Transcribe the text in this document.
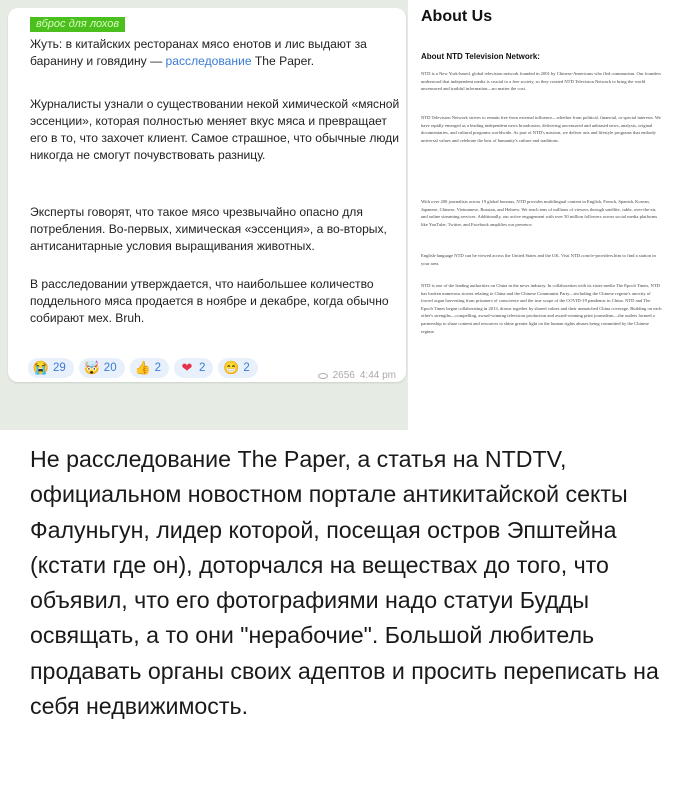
вброс для лохов
Жуть: в китайских ресторанах мясо енотов и лис выдают за баранину и говядину — расследование The Paper.
Журналисты узнали о существовании некой химической «мясной эссенции», которая полностью меняет вкус мяса и превращает его в то, что захочет клиент. Самое страшное, что обычные люди никогда не смогут почувствовать разницу.
Эксперты говорят, что такое мясо чрезвычайно опасно для потребления. Во-первых, химическая «эссенция», а во-вторых, антисанитарные условия выращивания животных.
В расследовании утверждается, что наибольшее количество поддельного мяса продается в ноябре и декабре, когда обычно собирают мех. Bruh.
😭 29 🤯 20 👍 2 ❤ 2 😁 2
2656 4:44 pm
About Us
About NTD Television Network:
NTD is a New York-based, global television network founded in 2001 by Chinese-Americans who fled communism. Our founders understood that independent media is crucial to a free society, so they created NTD Television Network to bring the world uncensored and truthful information—no matter the cost.
NTD Television Network strives to remain free from external influence—whether from political, financial, or special interests. We have rapidly emerged as a leading independent news broadcaster, delivering uncensored and unbiased news, analysis, original documentaries, and cultural programs worldwide. As part of NTD's mission, we deliver arts and lifestyle programs that embody universal values and celebrate the best of humanity's culture and traditions.
With over 200 journalists across 19 global bureaus, NTD provides multilingual content in English, French, Spanish, Korean, Japanese, Chinese, Vietnamese, Russian, and Hebrew. We reach tens of millions of viewers through satellite, cable, over-the-air, and online streaming services. Additionally, our active engagement with over 50 million followers across social media platforms like YouTube, Twitter, and Facebook amplifies our presence.
English-language NTD can be viewed across the United States and the UK. Visit NTD.com/tv-providers.htm to find a station in your area.
NTD is one of the leading authorities on China in the news industry. In collaboration with its sister media The Epoch Times, NTD has broken numerous stories relating to China and the Chinese Communist Party—including the Chinese regime's atrocity of forced organ harvesting from prisoners of conscience and the true scope of the COVID-19 pandemic in China. NTD and The Epoch Times began collaborating in 2013, drawn together by shared values and their unmatched China coverage. Building on each other's strengths—compelling, award-winning television production and award-winning print journalism—the outlets formed a partnership to share content and resources to shine greater light on the human rights abuses being committed by the Chinese regime.
Не расследование The Paper, а статья на NTDTV, официальном новостном портале антикитайской секты Фалуньгун, лидер которой, посещая остров Эпштейна (кстати где он), доторчался на веществах до того, что объявил, что его фотографиями надо статуи Будды освящать, а то они "нерабочие". Большой любитель продавать органы своих адептов и просить переписать на себя недвижимость.
